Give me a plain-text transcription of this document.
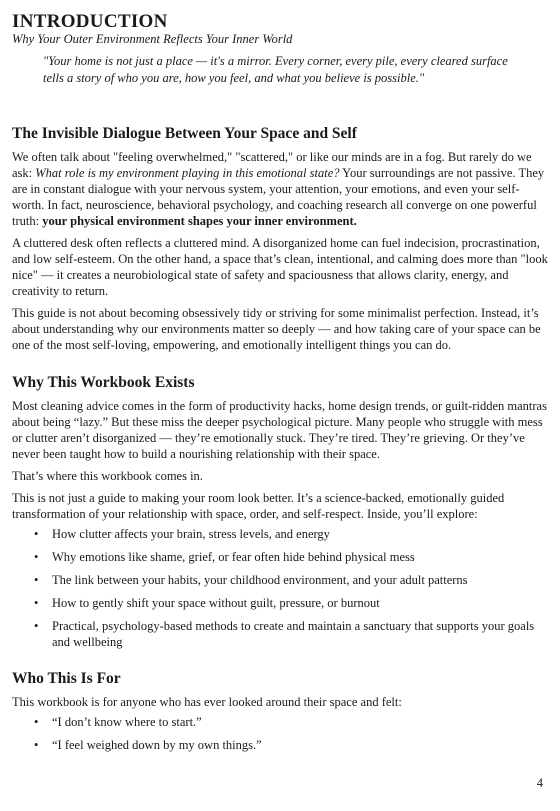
INTRODUCTION

Why Your Outer Environment Reflects Your Inner World

"Your home is not just a place — it's a mirror. Every corner, every pile, every cleared surface tells a story of who you are, how you feel, and what you believe is possible."

The Invisible Dialogue Between Your Space and Self

We often talk about "feeling overwhelmed," "scattered," or like our minds are in a fog. But rarely do we ask: What role is my environment playing in this emotional state? Your surroundings are not passive. They are in constant dialogue with your nervous system, your attention, your emotions, and even your self-worth. In fact, neuroscience, behavioral psychology, and coaching research all converge on one powerful truth: your physical environment shapes your inner environment.

A cluttered desk often reflects a cluttered mind. A disorganized home can fuel indecision, procrastination, and low self-esteem. On the other hand, a space that’s clean, intentional, and calming does more than "look nice" — it creates a neurobiological state of safety and spaciousness that allows clarity, energy, and creativity to return.

This guide is not about becoming obsessively tidy or striving for some minimalist perfection. Instead, it’s about understanding why our environments matter so deeply — and how taking care of your space can be one of the most self-loving, empowering, and emotionally intelligent things you can do.

Why This Workbook Exists

Most cleaning advice comes in the form of productivity hacks, home design trends, or guilt-ridden mantras about being “lazy.” But these miss the deeper psychological picture. Many people who struggle with mess or clutter aren’t disorganized — they’re emotionally stuck. They’re tired. They’re grieving. Or they’ve never been taught how to build a nourishing relationship with their space.

That’s where this workbook comes in.

This is not just a guide to making your room look better. It’s a science-backed, emotionally guided transformation of your relationship with space, order, and self-respect. Inside, you’ll explore:

• How clutter affects your brain, stress levels, and energy
• Why emotions like shame, grief, or fear often hide behind physical mess
• The link between your habits, your childhood environment, and your adult patterns
• How to gently shift your space without guilt, pressure, or burnout
• Practical, psychology-based methods to create and maintain a sanctuary that supports your goals and wellbeing
Who This Is For

This workbook is for anyone who has ever looked around their space and felt:

• “I don’t know where to start.”
• “I feel weighed down by my own things.”
4
